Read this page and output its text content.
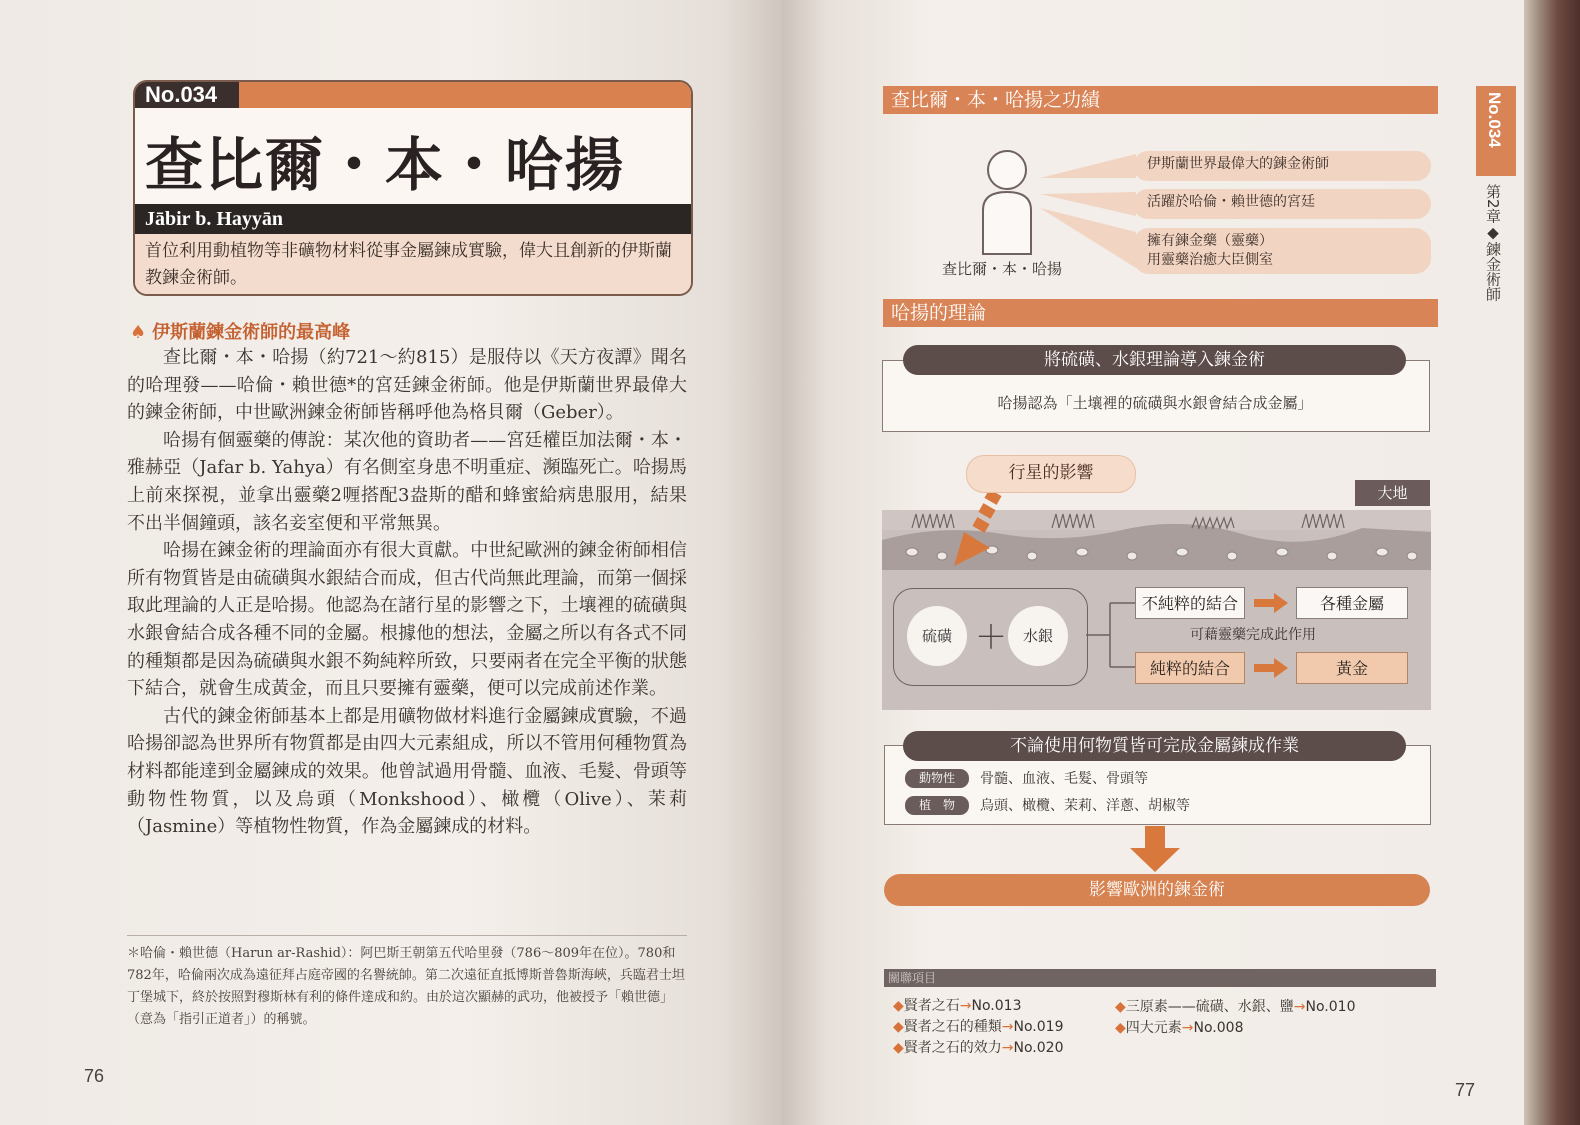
No.034
查比爾・本・哈揚
Jābir b. Hayyān
首位利用動植物等非礦物材料從事金屬鍊成實驗，偉大且創新的伊斯蘭教鍊金術師。
♠ 伊斯蘭鍊金術師的最高峰

查比爾・本・哈揚（約721～約815）是服侍以《天方夜譚》聞名的哈理發——哈倫・賴世德*的宮廷鍊金術師。他是伊斯蘭世界最偉大的鍊金術師，中世歐洲鍊金術師皆稱呼他為格貝爾（Geber）。

哈揚有個靈藥的傳說：某次他的資助者——宮廷權臣加法爾・本・雅赫亞（Jafar b. Yahya）有名側室身患不明重症、瀕臨死亡。哈揚馬上前來探視，並拿出靈藥2喱搭配3盎斯的醋和蜂蜜給病患服用，結果不出半個鐘頭，該名妾室便和平常無異。

哈揚在鍊金術的理論面亦有很大貢獻。中世紀歐洲的鍊金術師相信所有物質皆是由硫磺與水銀結合而成，但古代尚無此理論，而第一個採取此理論的人正是哈揚。他認為在諸行星的影響之下，土壤裡的硫磺與水銀會結合成各種不同的金屬。根據他的想法，金屬之所以有各式不同的種類都是因為硫磺與水銀不夠純粹所致，只要兩者在完全平衡的狀態下結合，就會生成黃金，而且只要擁有靈藥，便可以完成前述作業。

古代的鍊金術師基本上都是用礦物做材料進行金屬鍊成實驗，不過哈揚卻認為世界所有物質都是由四大元素組成，所以不管用何種物質為材料都能達到金屬鍊成的效果。他曾試過用骨髓、血液、毛髮、骨頭等動物性物質，以及烏頭（Monkshood）、橄欖（Olive）、茉莉（Jasmine）等植物性物質，作為金屬鍊成的材料。

＊哈倫・賴世德（Harun ar-Rashid）：阿巴斯王朝第五代哈里發（786～809年在位）。780和782年，哈倫兩次成為遠征拜占庭帝國的名譽統帥。第二次遠征直抵博斯普魯斯海峽，兵臨君士坦丁堡城下，終於按照對穆斯林有利的條件達成和約。由於這次顯赫的武功，他被授予「賴世德」（意為「指引正道者」）的稱號。
76
查比爾・本・哈揚之功績
查比爾・本・哈揚
伊斯蘭世界最偉大的鍊金術師
活躍於哈倫・賴世德的宮廷
擁有鍊金藥（靈藥）
用靈藥治癒大臣側室
哈揚的理論
將硫磺、水銀理論導入鍊金術
哈揚認為「土壤裡的硫磺與水銀會結合成金屬」
行星的影響
大地
硫磺 ＋	水銀
不純粹的結合	各種金屬
可藉靈藥完成此作用
純粹的結合	黃金
不論使用何物質皆可完成金屬鍊成作業
動物性	骨髓、血液、毛髮、骨頭等
植　物	烏頭、橄欖、茉莉、洋蔥、胡椒等
影響歐洲的鍊金術
關聯項目
◆賢者之石→No.013
◆賢者之石的種類→No.019
◆賢者之石的效力→No.020
◆三原素——硫磺、水銀、鹽→No.010
◆四大元素→No.008
No.034
第2章◆鍊金術師
77
